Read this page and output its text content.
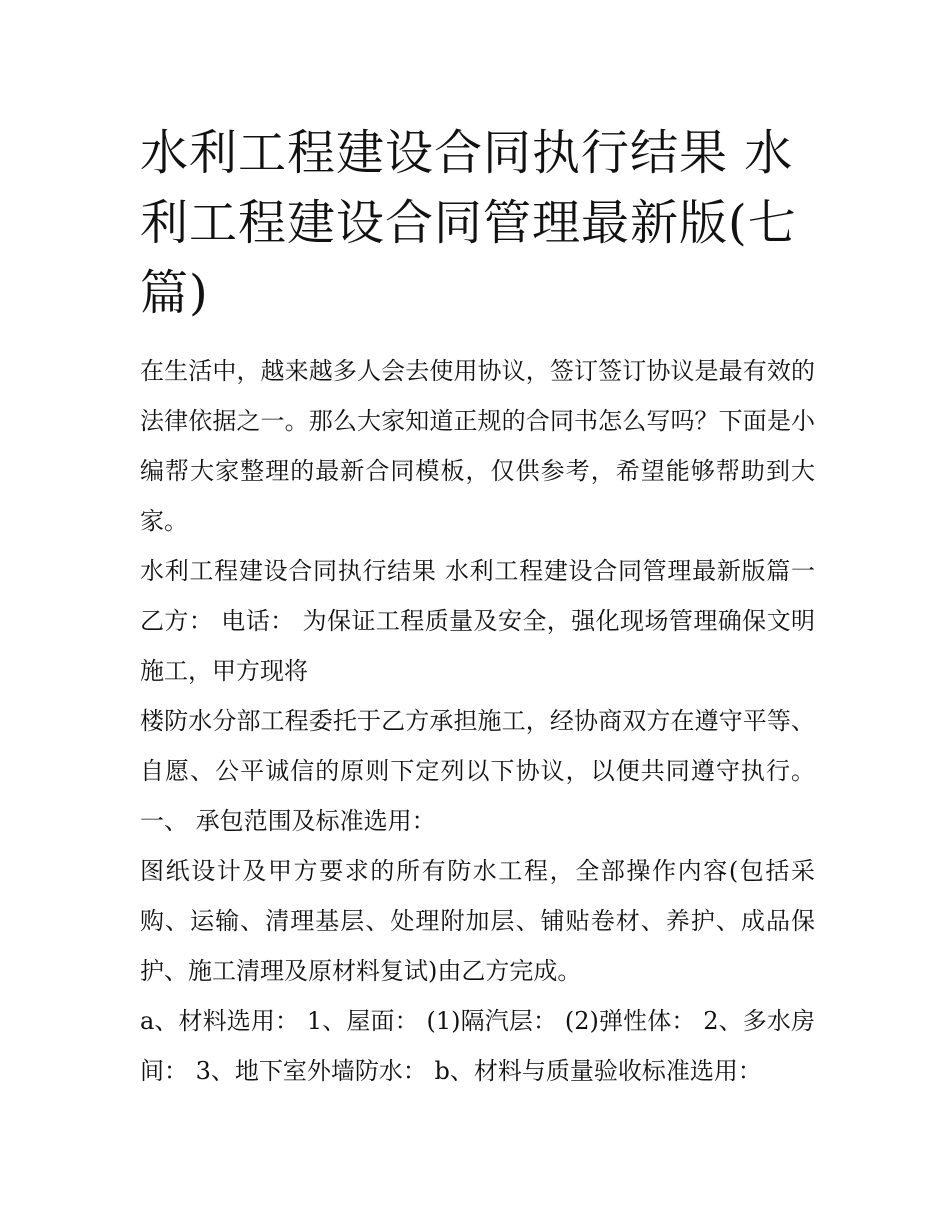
水利工程建设合同执行结果 水利工程建设合同管理最新版(七篇)

在生活中，越来越多人会去使用协议，签订签订协议是最有效的法律依据之一。那么大家知道正规的合同书怎么写吗？下面是小编帮大家整理的最新合同模板，仅供参考，希望能够帮助到大家。

水利工程建设合同执行结果 水利工程建设合同管理最新版篇一 乙方： 电话： 为保证工程质量及安全，强化现场管理确保文明施工，甲方现将

楼防水分部工程委托于乙方承担施工，经协商双方在遵守平等、自愿、公平诚信的原则下定列以下协议，以便共同遵守执行。 一、 承包范围及标准选用：

图纸设计及甲方要求的所有防水工程，全部操作内容(包括采购、运输、清理基层、处理附加层、铺贴卷材、养护、成品保护、施工清理及原材料复试)由乙方完成。

a、材料选用： 1、屋面： (1)隔汽层： (2)弹性体： 2、多水房间： 3、地下室外墙防水： b、材料与质量验收标准选用：
